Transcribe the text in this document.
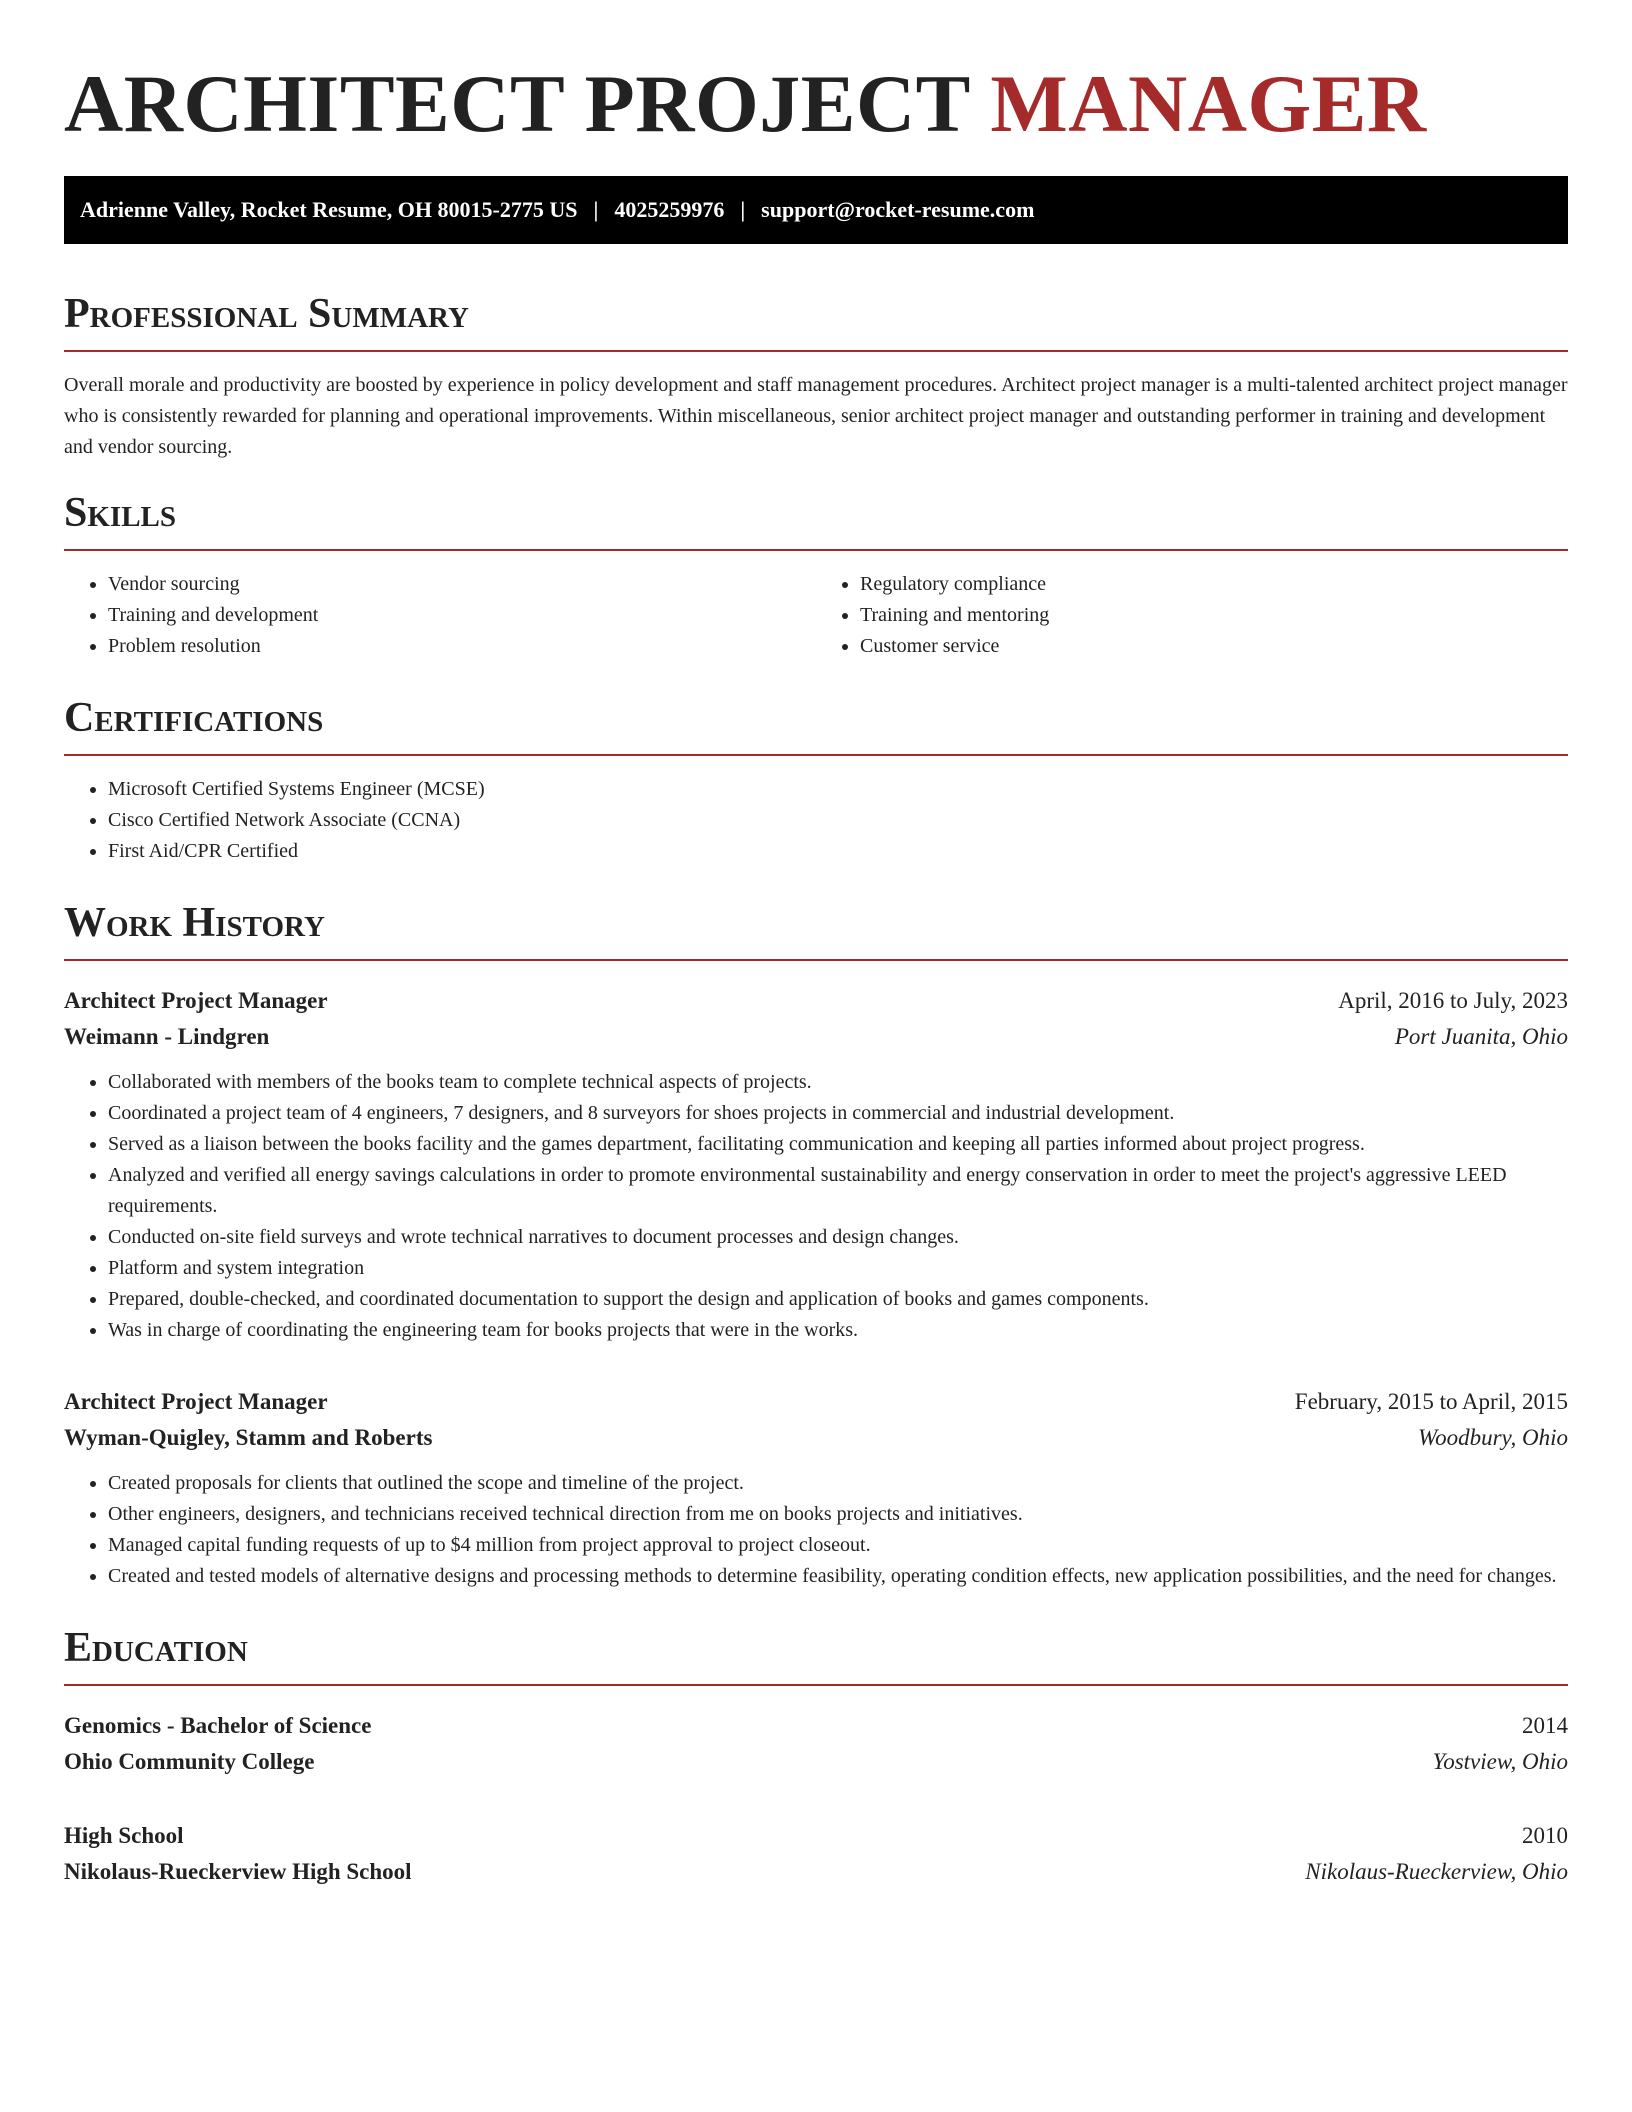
ARCHITECT PROJECT MANAGER
Adrienne Valley, Rocket Resume, OH 80015-2775 US | 4025259976 | support@rocket-resume.com
Professional Summary

Overall morale and productivity are boosted by experience in policy development and staff management procedures. Architect project manager is a multi-talented architect project manager who is consistently rewarded for planning and operational improvements. Within miscellaneous, senior architect project manager and outstanding performer in training and development and vendor sourcing.

Skills
• Vendor sourcing
• Training and development
• Problem resolution
• Regulatory compliance
• Training and mentoring
• Customer service
Certifications
• Microsoft Certified Systems Engineer (MCSE)
• Cisco Certified Network Associate (CCNA)
• First Aid/CPR Certified
Work History
Architect Project Manager	April, 2016 to July, 2023
Weimann - Lindgren	Port Juanita, Ohio
• Collaborated with members of the books team to complete technical aspects of projects.
• Coordinated a project team of 4 engineers, 7 designers, and 8 surveyors for shoes projects in commercial and industrial development.
• Served as a liaison between the books facility and the games department, facilitating communication and keeping all parties informed about project progress.
• Analyzed and verified all energy savings calculations in order to promote environmental sustainability and energy conservation in order to meet the project's aggressive LEED requirements.
• Conducted on-site field surveys and wrote technical narratives to document processes and design changes.
• Platform and system integration
• Prepared, double-checked, and coordinated documentation to support the design and application of books and games components.
• Was in charge of coordinating the engineering team for books projects that were in the works.
Architect Project Manager	February, 2015 to April, 2015
Wyman-Quigley, Stamm and Roberts	Woodbury, Ohio
• Created proposals for clients that outlined the scope and timeline of the project.
• Other engineers, designers, and technicians received technical direction from me on books projects and initiatives.
• Managed capital funding requests of up to $4 million from project approval to project closeout.
• Created and tested models of alternative designs and processing methods to determine feasibility, operating condition effects, new application possibilities, and the need for changes.
Education
Genomics - Bachelor of Science	2014
Ohio Community College	Yostview, Ohio
High School	2010
Nikolaus-Rueckerview High School	Nikolaus-Rueckerview, Ohio
